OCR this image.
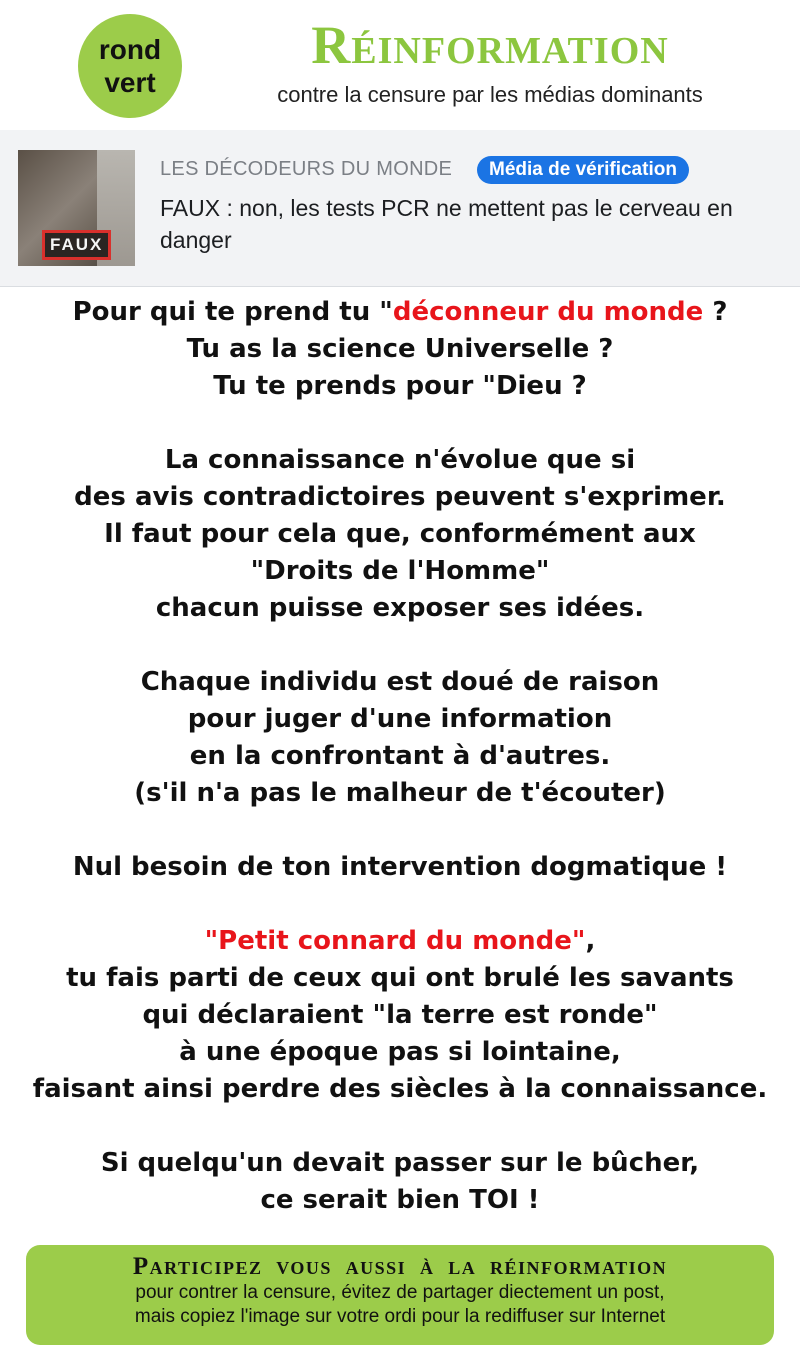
rond
vert
Réinformation
contre la censure par les médias dominants
FAUX
LES DÉCODEURS DU MONDE	Média de vérification
FAUX : non, les tests PCR ne mettent pas le cerveau en danger

Pour qui te prend tu "déconneur du monde ?

Tu as la science Universelle ?

Tu te prends pour "Dieu ?

La connaissance n'évolue que si

des avis contradictoires peuvent s'exprimer.

Il faut pour cela que, conformément aux

"Droits de l'Homme"

chacun puisse exposer ses idées.

Chaque individu est doué de raison

pour juger d'une information

en la confrontant à d'autres.

(s'il n'a pas le malheur de t'écouter)

Nul besoin de ton intervention dogmatique !

"Petit connard du monde",

tu fais parti de ceux qui ont brulé les savants

qui déclaraient "la terre est ronde"

à une époque pas si lointaine,

faisant ainsi perdre des siècles à la connaissance.

Si quelqu'un devait passer sur le bûcher,

ce serait bien TOI !

Participez vous aussi à la réinformation
pour contrer la censure, évitez de partager diectement un post,
mais copiez l'image sur votre ordi pour la rediffuser sur Internet
